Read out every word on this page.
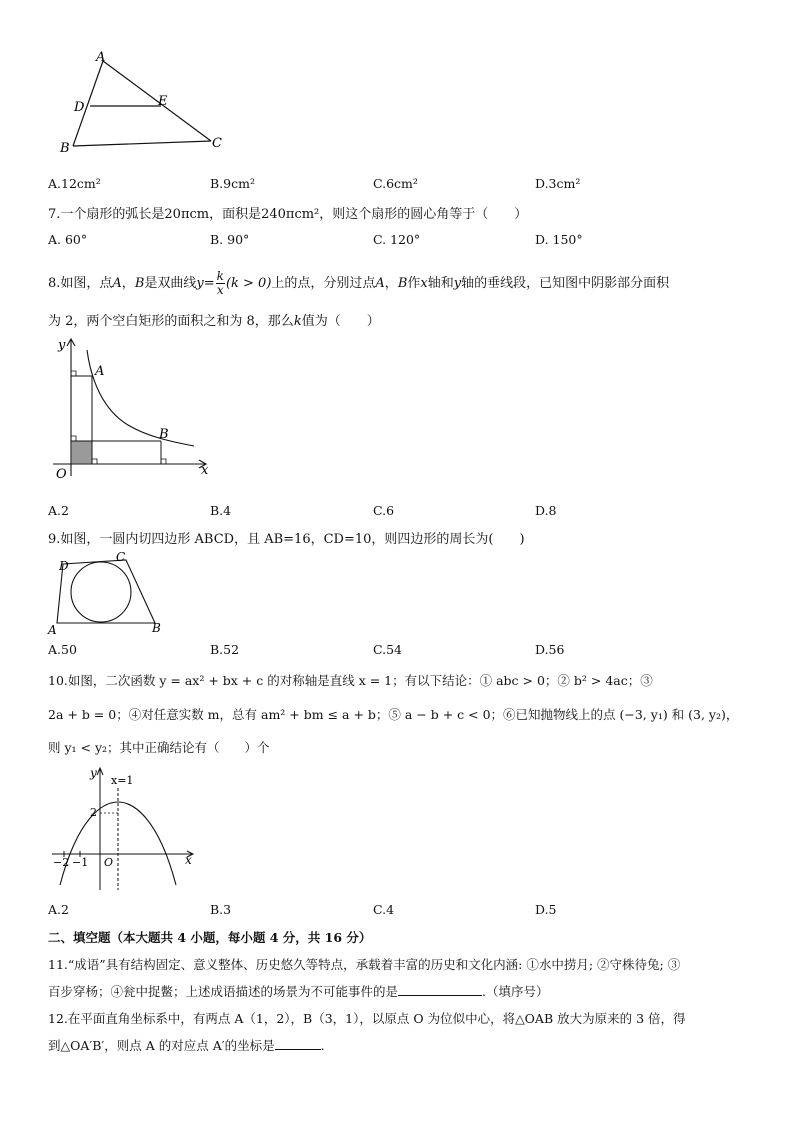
A
D	E
B	C
A.12cm²	B.9cm²	C.6cm²	D.3cm²
7.一个扇形的弧长是20πcm，面积是240πcm²，则这个扇形的圆心角等于（　　）
A. 60°	B. 90°	C. 120°	D. 150°
8.如图，点A，B是双曲线$y= \frac{k}{x} (k > 0)$上的点，分别过点A，B作x轴和y轴的垂线段，已知图中阴影部分面积
为 2，两个空白矩形的面积之和为 8，那么k值为（　　）
y
x
O
A
B
A.2	B.4	C.6	D.8
9.如图，一圆内切四边形 ABCD，且 AB=16，CD=10，则四边形的周长为(　　)
D
C
A	B
A.50	B.52	C.54	D.56
10.如图，二次函数 y = ax² + bx + c 的对称轴是直线 x = 1；有以下结论：① abc > 0；② b² > 4ac；③
2a + b = 0；④对任意实数 m，总有 am² + bm ≤ a + b；⑤ a − b + c < 0；⑥已知抛物线上的点 (−3, y₁) 和 (3, y₂)，
则 y₁ < y₂；其中正确结论有（　　）个
y
x=1
2
−2 −1 O	x
A.2	B.3	C.4	D.5
二、填空题（本大题共 4 小题，每小题 4 分，共 16 分）
11.“成语”具有结构固定、意义整体、历史悠久等特点，承载着丰富的历史和文化内涵: ①水中捞月; ②守株待兔; ③
百步穿杨；④瓮中捉鳖；上述成语描述的场景为不可能事件的是	.（填序号）
12.在平面直角坐标系中，有两点 A（1，2），B（3，1），以原点 O 为位似中心，将△OAB 放大为原来的 3 倍，得
到△OA′B′，则点 A 的对应点 A′的坐标是	.
